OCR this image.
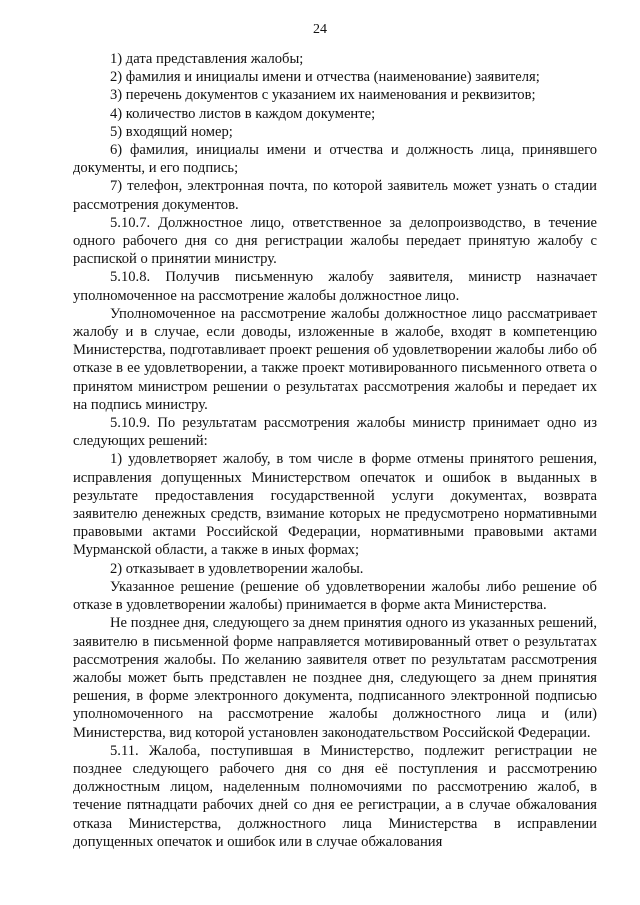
24

1) дата представления жалобы;

2) фамилия и инициалы имени и отчества (наименование) заявителя;

3) перечень документов с указанием их наименования и реквизитов;

4) количество листов в каждом документе;

5) входящий номер;

6) фамилия, инициалы имени и отчества и должность лица, принявшего документы, и его подпись;

7) телефон, электронная почта, по которой заявитель может узнать о стадии рассмотрения документов.

5.10.7. Должностное лицо, ответственное за делопроизводство, в течение одного рабочего дня со дня регистрации жалобы передает принятую жалобу с распиской о принятии министру.

5.10.8. Получив письменную жалобу заявителя, министр назначает уполномоченное на рассмотрение жалобы должностное лицо.

Уполномоченное на рассмотрение жалобы должностное лицо рассматривает жалобу и в случае, если доводы, изложенные в жалобе, входят в компетенцию Министерства, подготавливает проект решения об удовлетворении жалобы либо об отказе в ее удовлетворении, а также проект мотивированного письменного ответа о принятом министром решении о результатах рассмотрения жалобы и передает их на подпись министру.

5.10.9. По результатам рассмотрения жалобы министр принимает одно из следующих решений:

1) удовлетворяет жалобу, в том числе в форме отмены принятого решения, исправления допущенных Министерством опечаток и ошибок в выданных в результате предоставления государственной услуги документах, возврата заявителю денежных средств, взимание которых не предусмотрено нормативными правовыми актами Российской Федерации, нормативными правовыми актами Мурманской области, а также в иных формах;

2) отказывает в удовлетворении жалобы.

Указанное решение (решение об удовлетворении жалобы либо решение об отказе в удовлетворении жалобы) принимается в форме акта Министерства.

Не позднее дня, следующего за днем принятия одного из указанных решений, заявителю в письменной форме направляется мотивированный ответ о результатах рассмотрения жалобы. По желанию заявителя ответ по результатам рассмотрения жалобы может быть представлен не позднее дня, следующего за днем принятия решения, в форме электронного документа, подписанного электронной подписью уполномоченного на рассмотрение жалобы должностного лица и (или) Министерства, вид которой установлен законодательством Российской Федерации.

5.11. Жалоба, поступившая в Министерство, подлежит регистрации не позднее следующего рабочего дня со дня её поступления и рассмотрению должностным лицом, наделенным полномочиями по рассмотрению жалоб, в течение пятнадцати рабочих дней со дня ее регистрации, а в случае обжалования отказа Министерства, должностного лица Министерства в исправлении допущенных опечаток и ошибок или в случае обжалования
